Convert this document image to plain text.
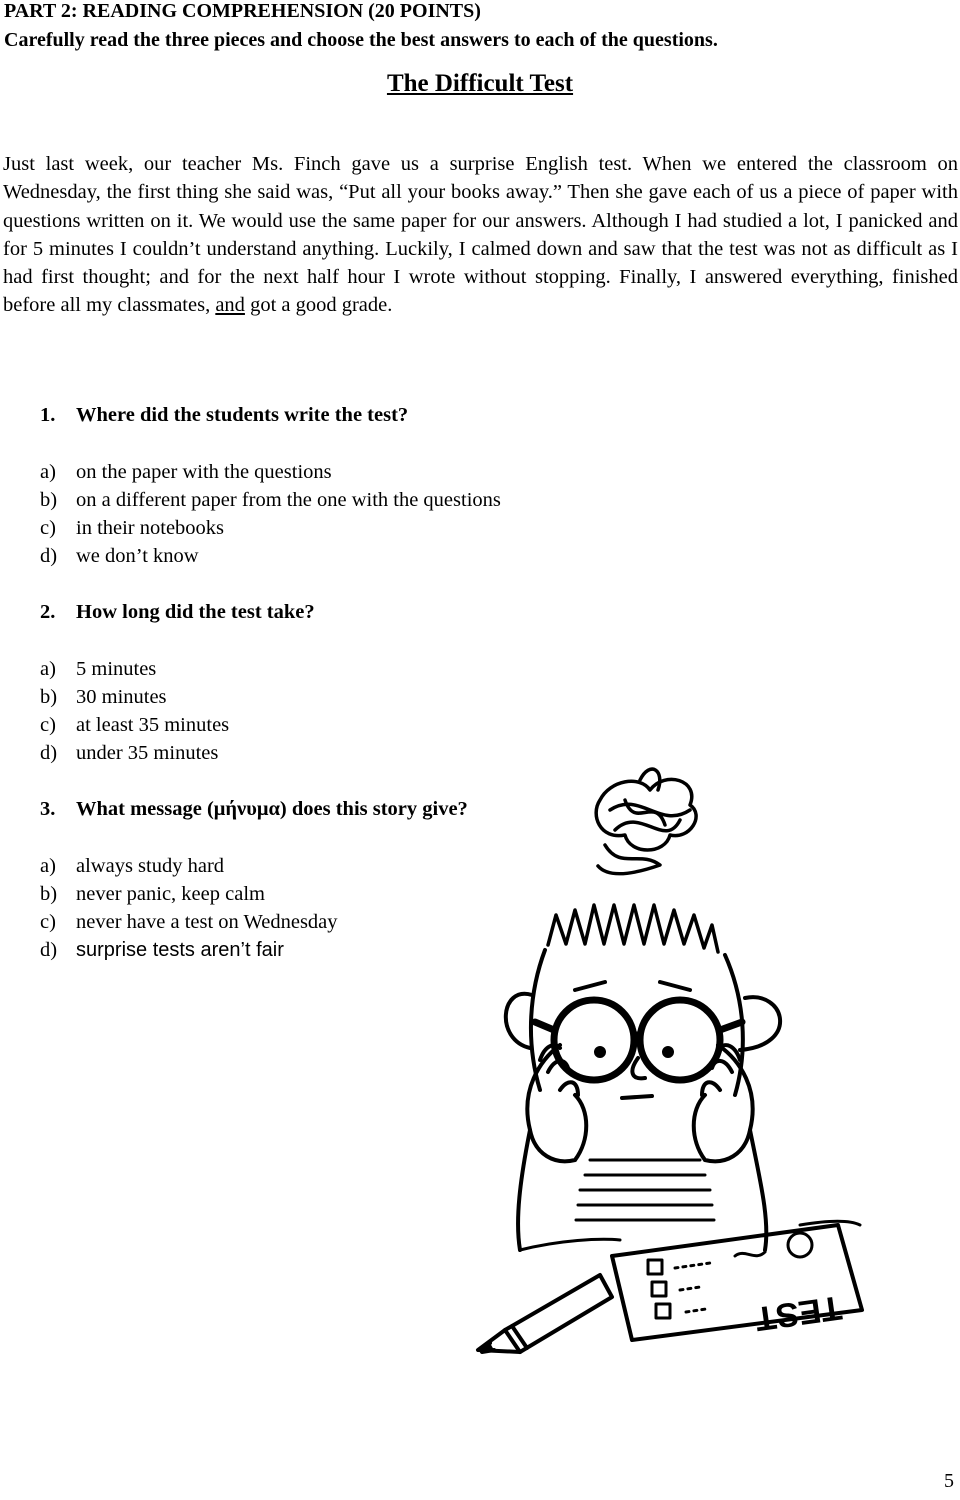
PART 2: READING COMPREHENSION (20 POINTS)
Carefully read the three pieces and choose the best answers to each of the questions.
The Difficult Test
Just last week, our teacher Ms. Finch gave us a surprise English test. When we entered the classroom on Wednesday, the first thing she said was, “Put all your books away.” Then she gave each of us a piece of paper with questions written on it. We would use the same paper for our answers. Although I had studied a lot, I panicked and for 5 minutes I couldn’t understand anything. Luckily, I calmed down and saw that the test was not as difficult as I had first thought; and for the next half hour I wrote without stopping. Finally, I answered everything, finished before all my classmates, and got a good grade.
1. Where did the students write the test?
a) on the paper with the questions
b) on a different paper from the one with the questions
c) in their notebooks
d) we don’t know
2. How long did the test take?
a) 5 minutes
b) 30 minutes
c) at least 35 minutes
d) under 35 minutes
3. What message (μήνυμα) does this story give?
a) always study hard
b) never panic, keep calm
c) never have a test on Wednesday
d) surprise tests aren’t fair
TEST
5
